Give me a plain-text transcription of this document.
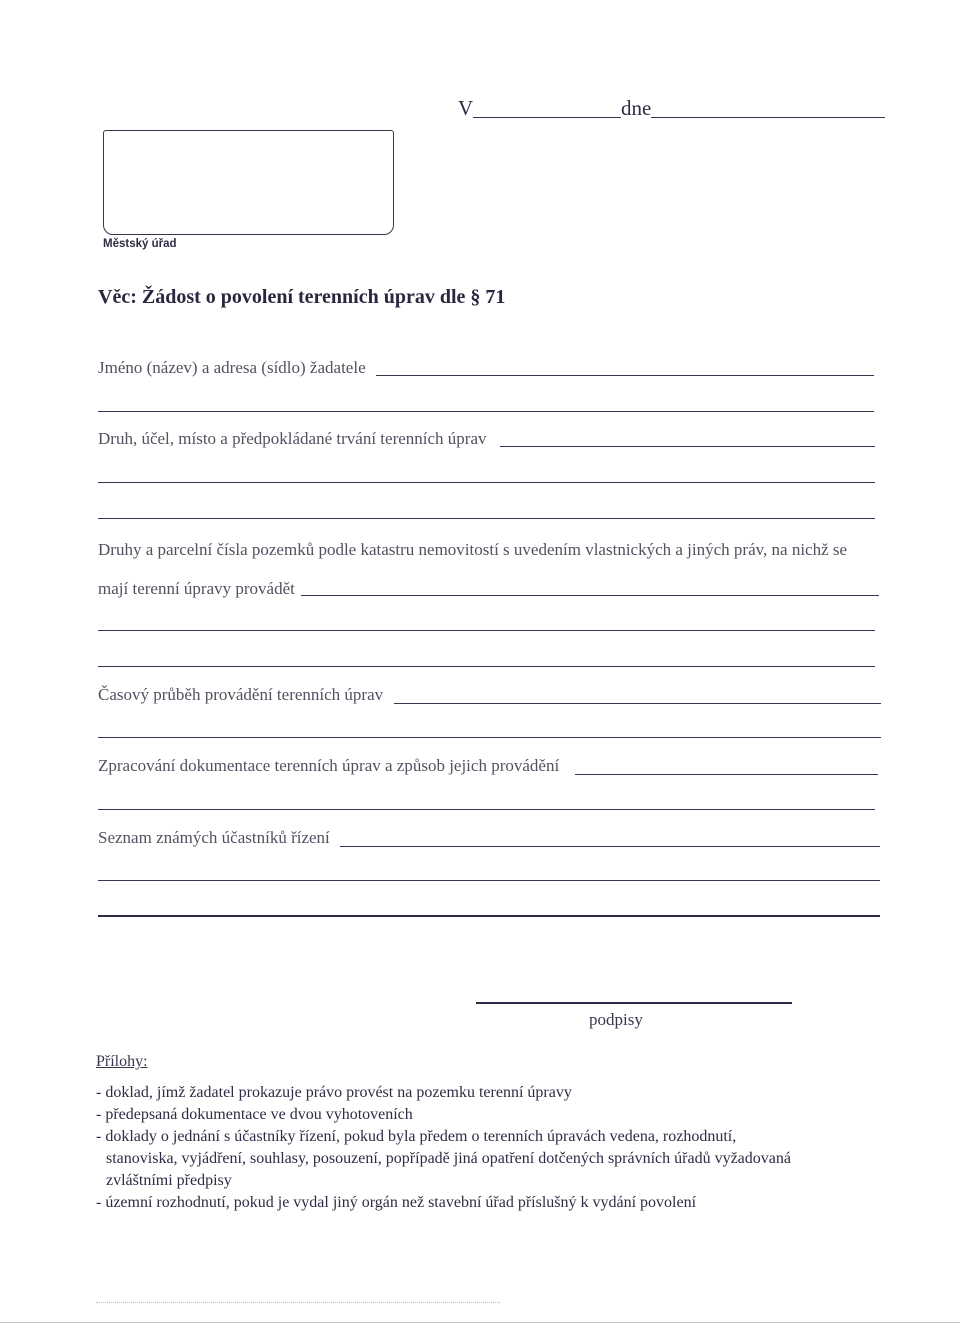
V	dne
Městský úřad
Věc: Žádost o povolení terenních úprav dle § 71
Jméno (název) a adresa (sídlo) žadatele
Druh, účel, místo a předpokládané trvání terenních úprav
Druhy a parcelní čísla pozemků podle katastru nemovitostí s uvedením vlastnických a jiných práv, na nichž se
mají terenní úpravy provádět
Časový průběh provádění terenních úprav
Zpracování dokumentace terenních úprav a způsob jejich provádění
Seznam známých účastníků řízení
podpisy
Přílohy:
- doklad, jímž žadatel prokazuje právo provést na pozemku terenní úpravy
- předepsaná dokumentace ve dvou vyhotoveních
- doklady o jednání s účastníky řízení, pokud byla předem o terenních úpravách vedena, rozhodnutí,
stanoviska, vyjádření, souhlasy, posouzení, popřípadě jiná opatření dotčených správních úřadů vyžadovaná
zvláštními předpisy
- územní rozhodnutí, pokud je vydal jiný orgán než stavební úřad příslušný k vydání povolení
